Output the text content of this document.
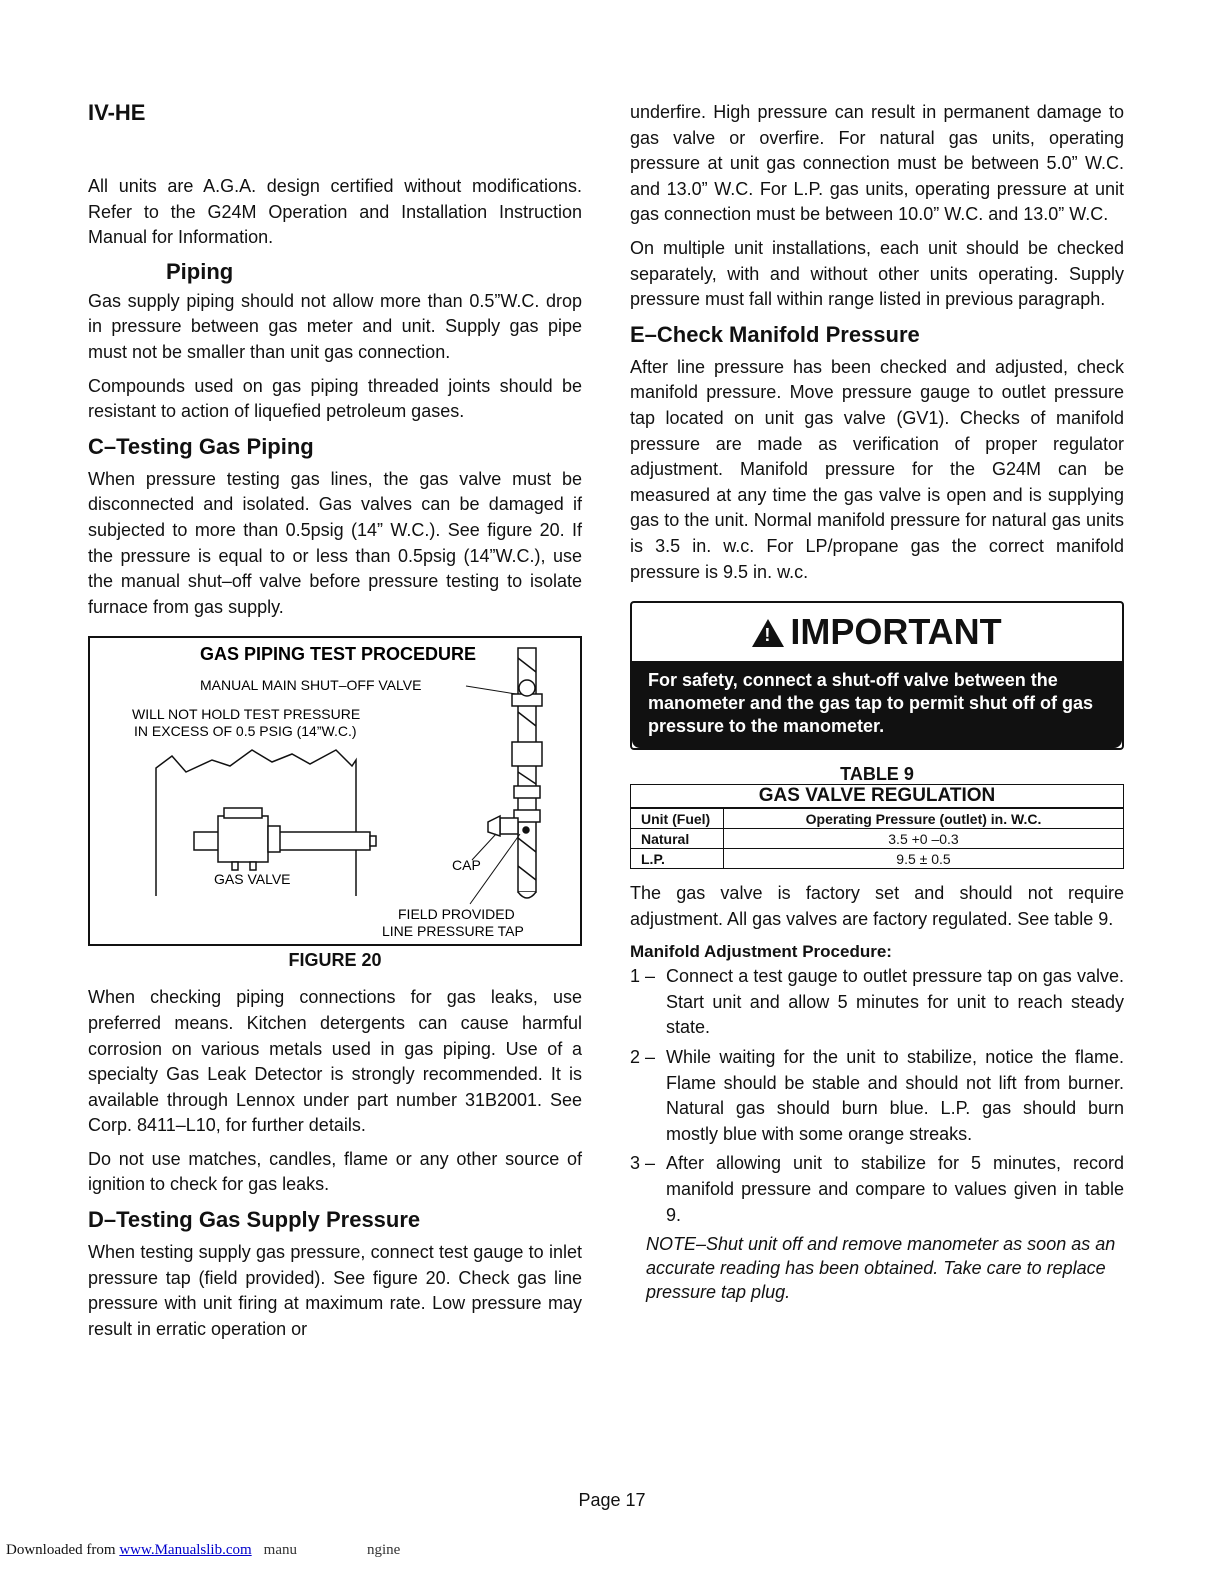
IV-HE

All units are A.G.A. design certified without modifications. Refer to the G24M Operation and Installation Instruction Manual for Information.

Piping

Gas supply piping should not allow more than 0.5”W.C. drop in pressure between gas meter and unit. Supply gas pipe must not be smaller than unit gas connection.

Compounds used on gas piping threaded joints should be resistant to action of liquefied petroleum gases.

C–Testing Gas Piping

When pressure testing gas lines, the gas valve must be disconnected and isolated. Gas valves can be damaged if subjected to more than 0.5psig (14” W.C.). See figure 20. If the pressure is equal to or less than 0.5psig (14”W.C.), use the manual shut–off valve before pressure testing to isolate furnace from gas supply.

GAS PIPING TEST PROCEDURE
MANUAL MAIN SHUT–OFF VALVE
WILL NOT HOLD TEST PRESSURE
IN EXCESS OF 0.5 PSIG (14”W.C.)
CAP
GAS VALVE
FIELD PROVIDED
LINE PRESSURE TAP
FIGURE 20

When checking piping connections for gas leaks, use preferred means. Kitchen detergents can cause harmful corrosion on various metals used in gas piping. Use of a specialty Gas Leak Detector is strongly recommended. It is available through Lennox under part number 31B2001. See Corp. 8411–L10, for further details.

Do not use matches, candles, flame or any other source of ignition to check for gas leaks.

D–Testing Gas Supply Pressure

When testing supply gas pressure, connect test gauge to inlet pressure tap (field provided). See figure 20. Check gas line pressure with unit firing at maximum rate. Low pressure may result in erratic operation or

underfire. High pressure can result in permanent damage to gas valve or overfire. For natural gas units, operating pressure at unit gas connection must be between 5.0” W.C. and 13.0” W.C. For L.P. gas units, operating pressure at unit gas connection must be between 10.0” W.C. and 13.0” W.C.

On multiple unit installations, each unit should be checked separately, with and without other units operating. Supply pressure must fall within range listed in previous paragraph.

E–Check Manifold Pressure

After line pressure has been checked and adjusted, check manifold pressure. Move pressure gauge to outlet pressure tap located on unit gas valve (GV1). Checks of manifold pressure are made as verification of proper regulator adjustment. Manifold pressure for the G24M can be measured at any time the gas valve is open and is supplying gas to the unit. Normal manifold pressure for natural gas units is 3.5 in. w.c. For LP/propane gas the correct manifold pressure is 9.5 in. w.c.

! IMPORTANT
For safety, connect a shut-off valve between the manometer and the gas tap to permit shut off of gas pressure to the manometer.
TABLE 9
GAS VALVE REGULATION	
Unit (Fuel)	Operating Pressure (outlet) in. W.C.
Natural	3.5 +0 –0.3
L.P.	9.5 ± 0.5

The gas valve is factory set and should not require adjustment. All gas valves are factory regulated. See table 9.

Manifold Adjustment Procedure:
1 – Connect a test gauge to outlet pressure tap on gas valve. Start unit and allow 5 minutes for unit to reach steady state.
2 – While waiting for the unit to stabilize, notice the flame. Flame should be stable and should not lift from burner. Natural gas should burn blue. L.P. gas should burn mostly blue with some orange streaks.
3 – After allowing unit to stabilize for 5 minutes, record manifold pressure and compare to values given in table 9.
NOTE–Shut unit off and remove manometer as soon as an accurate reading has been obtained. Take care to replace pressure tap plug.
Page 17
Downloaded from www.Manualslib.com manu	ngine
